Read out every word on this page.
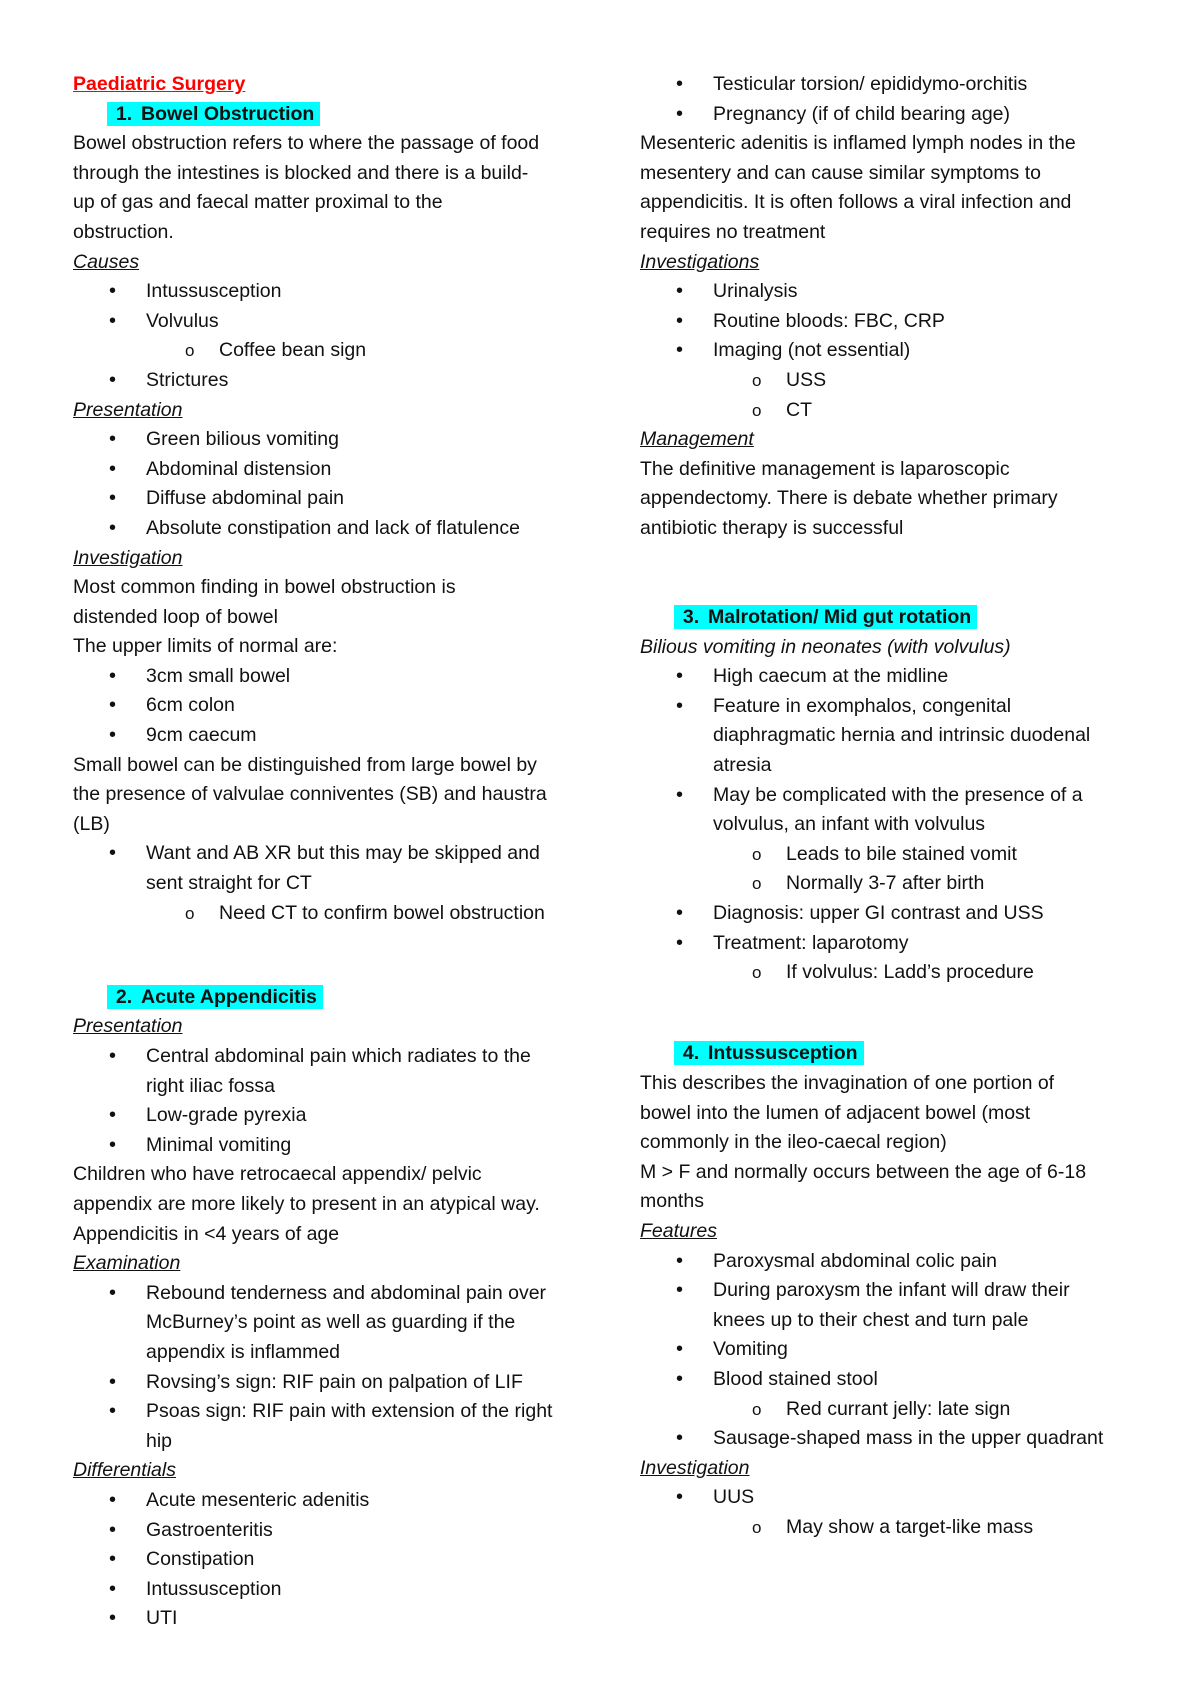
Paediatric Surgery
1. Bowel Obstruction
Bowel obstruction refers to where the passage of food
through the intestines is blocked and there is a build-
up of gas and faecal matter proximal to the
obstruction.
Causes
• Intussusception
• Volvulus
o Coffee bean sign
• Strictures
Presentation
• Green bilious vomiting
• Abdominal distension
• Diffuse abdominal pain
• Absolute constipation and lack of flatulence
Investigation
Most common finding in bowel obstruction is
distended loop of bowel
The upper limits of normal are:
• 3cm small bowel
• 6cm colon
• 9cm caecum
Small bowel can be distinguished from large bowel by
the presence of valvulae conniventes (SB) and haustra
(LB)
• Want and AB XR but this may be skipped and
sent straight for CT
o Need CT to confirm bowel obstruction
2. Acute Appendicitis
Presentation
• Central abdominal pain which radiates to the
right iliac fossa
• Low-grade pyrexia
• Minimal vomiting
Children who have retrocaecal appendix/ pelvic
appendix are more likely to present in an atypical way.
Appendicitis in <4 years of age
Examination
• Rebound tenderness and abdominal pain over
McBurney’s point as well as guarding if the
appendix is inflammed
• Rovsing’s sign: RIF pain on palpation of LIF
• Psoas sign: RIF pain with extension of the right
hip
Differentials
• Acute mesenteric adenitis
• Gastroenteritis
• Constipation
• Intussusception
• UTI
• Testicular torsion/ epididymo-orchitis
• Pregnancy (if of child bearing age)
Mesenteric adenitis is inflamed lymph nodes in the
mesentery and can cause similar symptoms to
appendicitis. It is often follows a viral infection and
requires no treatment
Investigations
• Urinalysis
• Routine bloods: FBC, CRP
• Imaging (not essential)
o USS
o CT
Management
The definitive management is laparoscopic
appendectomy. There is debate whether primary
antibiotic therapy is successful
3. Malrotation/ Mid gut rotation
Bilious vomiting in neonates (with volvulus)
• High caecum at the midline
• Feature in exomphalos, congenital
diaphragmatic hernia and intrinsic duodenal
atresia
• May be complicated with the presence of a
volvulus, an infant with volvulus
o Leads to bile stained vomit
o Normally 3-7 after birth
• Diagnosis: upper GI contrast and USS
• Treatment: laparotomy
o If volvulus: Ladd’s procedure
4. Intussusception
This describes the invagination of one portion of
bowel into the lumen of adjacent bowel (most
commonly in the ileo-caecal region)
M > F and normally occurs between the age of 6-18
months
Features
• Paroxysmal abdominal colic pain
• During paroxysm the infant will draw their
knees up to their chest and turn pale
• Vomiting
• Blood stained stool
o Red currant jelly: late sign
• Sausage-shaped mass in the upper quadrant
Investigation
• UUS
o May show a target-like mass
